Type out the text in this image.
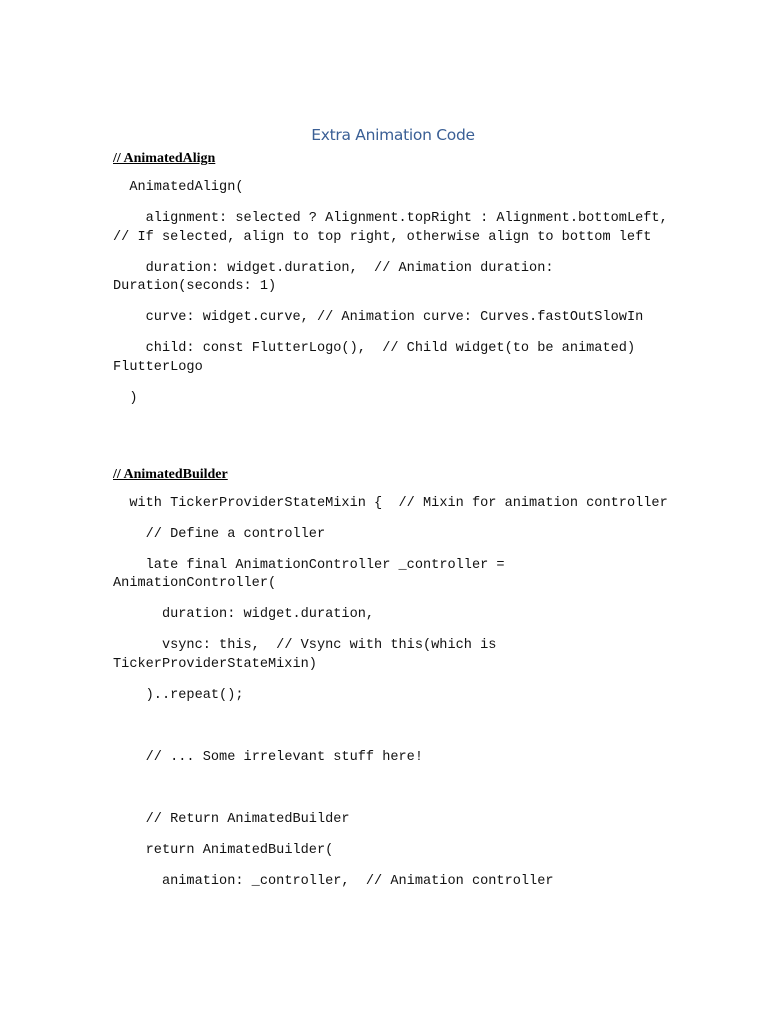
Extra Animation Code
// AnimatedAlign
AnimatedAlign(
alignment: selected ? Alignment.topRight : Alignment.bottomLeft, // If selected, align to top right, otherwise align to bottom left
duration: widget.duration,  // Animation duration: Duration(seconds: 1)
curve: widget.curve, // Animation curve: Curves.fastOutSlowIn
child: const FlutterLogo(),  // Child widget(to be animated) FlutterLogo
)
// AnimatedBuilder
with TickerProviderStateMixin {  // Mixin for animation controller
// Define a controller
late final AnimationController _controller = AnimationController(
duration: widget.duration,
vsync: this,  // Vsync with this(which is TickerProviderStateMixin)
)..repeat();
// ... Some irrelevant stuff here!
// Return AnimatedBuilder
return AnimatedBuilder(
animation: _controller,  // Animation controller
